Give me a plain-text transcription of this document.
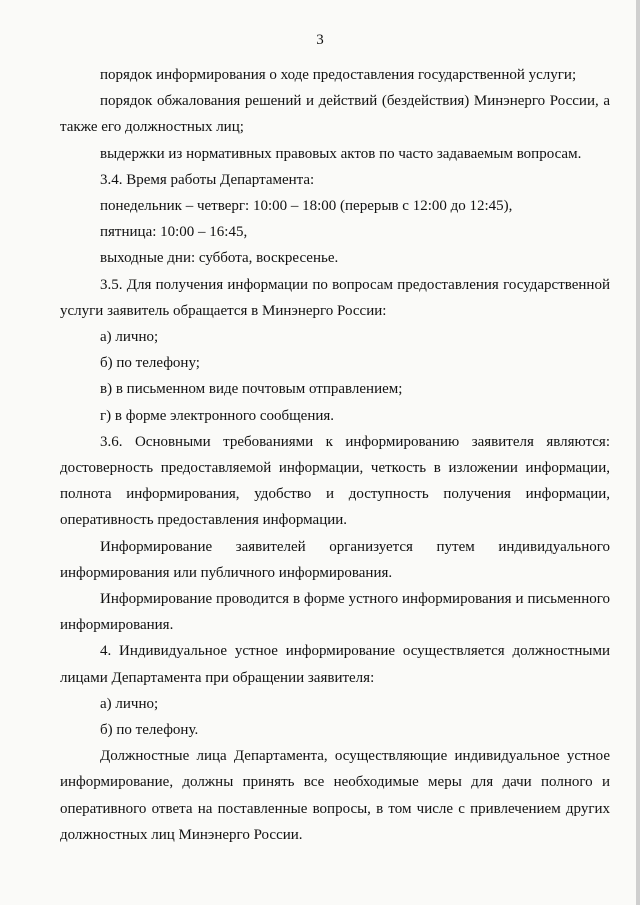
3

порядок информирования о ходе предоставления государственной услуги;

порядок обжалования решений и действий (бездействия) Минэнерго России, а также его должностных лиц;

выдержки из нормативных правовых актов по часто задаваемым вопросам.

3.4. Время работы Департамента:

понедельник – четверг: 10:00 – 18:00 (перерыв с 12:00 до 12:45),

пятница: 10:00 – 16:45,

выходные дни: суббота, воскресенье.

3.5. Для получения информации по вопросам предоставления государственной услуги заявитель обращается в Минэнерго России:

а) лично;

б) по телефону;

в) в письменном виде почтовым отправлением;

г) в форме электронного сообщения.

3.6. Основными требованиями к информированию заявителя являются: достоверность предоставляемой информации, четкость в изложении информации, полнота информирования, удобство и доступность получения информации, оперативность предоставления информации.

Информирование заявителей организуется путем индивидуального информирования или публичного информирования.

Информирование проводится в форме устного информирования и письменного информирования.

4. Индивидуальное устное информирование осуществляется должностными лицами Департамента при обращении заявителя:

а) лично;

б) по телефону.

Должностные лица Департамента, осуществляющие индивидуальное устное информирование, должны принять все необходимые меры для дачи полного и оперативного ответа на поставленные вопросы, в том числе с привлечением других должностных лиц Минэнерго России.
